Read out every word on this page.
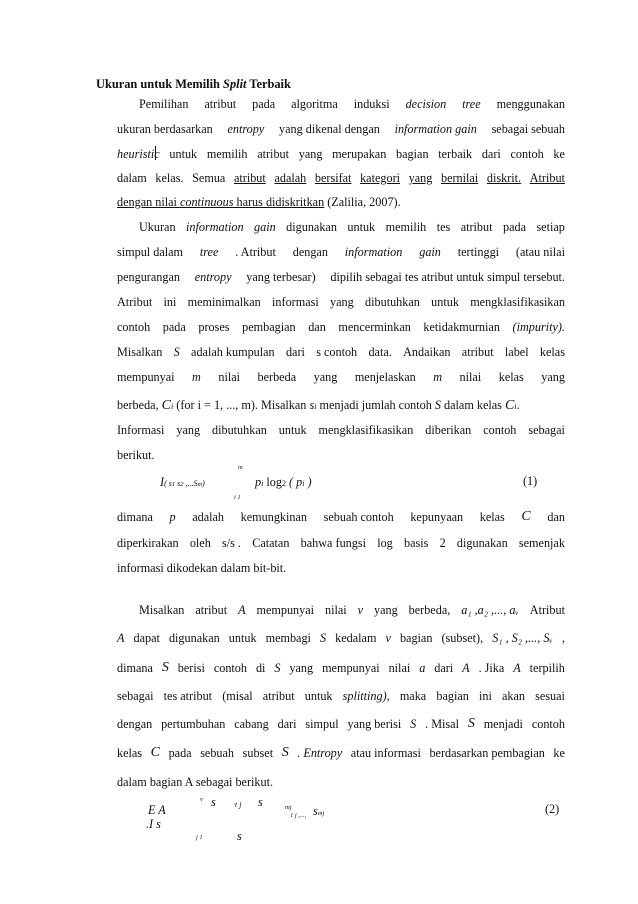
Ukuran untuk Memilih Split Terbaik
Pemilihan atribut pada algoritma induksi decision tree menggunakan
ukuran berdasarkan entropy yang dikenal dengan information gain sebagai sebuah
heuristic untuk memilih atribut yang merupakan bagian terbaik dari contoh ke
dalam kelas. Semua atribut adalah bersifat kategori yang bernilai diskrit. Atribut
dengan nilai continuous harus didiskritkan (Zalilia, 2007).
Ukuran information gain digunakan untuk memilih tes atribut pada setiap
simpul dalam tree . Atribut dengan information gain tertinggi (atau nilai
pengurangan entropy yang terbesar) dipilih sebagai tes atribut untuk simpul tersebut.
Atribut ini meminimalkan informasi yang dibutuhkan untuk mengklasifikasikan
contoh pada proses pembagian dan mencerminkan ketidakmurnian (impurity).
Misalkan S adalah kumpulan dari s contoh data. Andaikan atribut label kelas
mempunyai m nilai berbeda yang menjelaskan m nilai kelas yang
berbeda, Ci (for i = 1, ..., m). Misalkan si menjadi jumlah contoh S dalam kelas Ci.
Informasi yang dibutuhkan untuk mengklasifikasikan diberikan contoh sebagai
berikut.
m
I( s1 s2 ,...Sm)	pi log2 ( pi )
i 1
(1)
dimana p adalah kemungkinan sebuah contoh kepunyaan kelas C dan
diperkirakan oleh s/s . Catatan bahwa fungsi log basis 2 digunakan semenjak
informasi dikodekan dalam bit-bit.
Misalkan atribut A mempunyai nilai v yang berbeda, a₁ ,a₂ ,..., aᵥ Atribut
A dapat digunakan untuk membagi S kedalam v bagian (subset), S₁ , S₂ ,..., Sᵥ ,
dimana S berisi contoh di S yang mempunyai nilai a dari A . Jika A terpilih
sebagai tes atribut (misal atribut untuk splitting), maka bagian ini akan sesuai
dengan pertumbuhan cabang dari simpul yang berisi S . Misal S menjadi contoh
kelas C pada sebuah subset S . Entropy atau informasi berdasarkan pembagian ke
dalam bagian A sebagai berikut.
v s ·t j s	mj
E A	1 j ,..., smj
.I s
j 1	s
(2)
